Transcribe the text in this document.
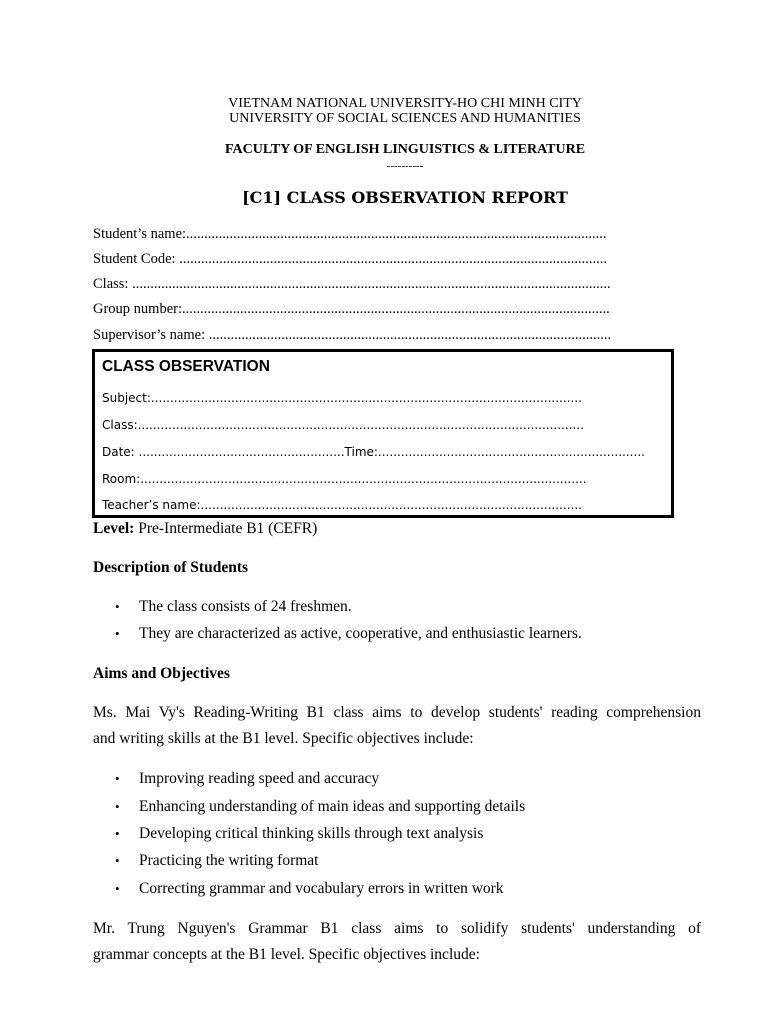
VIETNAM NATIONAL UNIVERSITY-HO CHI MINH CITY
UNIVERSITY OF SOCIAL SCIENCES AND HUMANITIES
FACULTY OF ENGLISH LINGUISTICS & LITERATURE
----------
[C1] CLASS OBSERVATION REPORT
Student’s name:....................................................................................................................
Student Code: ......................................................................................................................
Class: ....................................................................................................................................
Group number:......................................................................................................................
Supervisor’s name: ...............................................................................................................
CLASS OBSERVATION
Subject:.................................................................................................................
Class:.....................................................................................................................
Date: ......................................................Time:......................................................................
Room:.....................................................................................................................
Teacher’s name:....................................................................................................
Level: Pre-Intermediate B1 (CEFR)
Description of Students
• The class consists of 24 freshmen.
• They are characterized as active, cooperative, and enthusiastic learners.
Aims and Objectives
Ms. Mai Vy's Reading-Writing B1 class aims to develop students' reading comprehension
and writing skills at the B1 level. Specific objectives include:
• Improving reading speed and accuracy
• Enhancing understanding of main ideas and supporting details
• Developing critical thinking skills through text analysis
• Practicing the writing format
• Correcting grammar and vocabulary errors in written work
Mr. Trung Nguyen's Grammar B1 class aims to solidify students' understanding of
grammar concepts at the B1 level. Specific objectives include:
